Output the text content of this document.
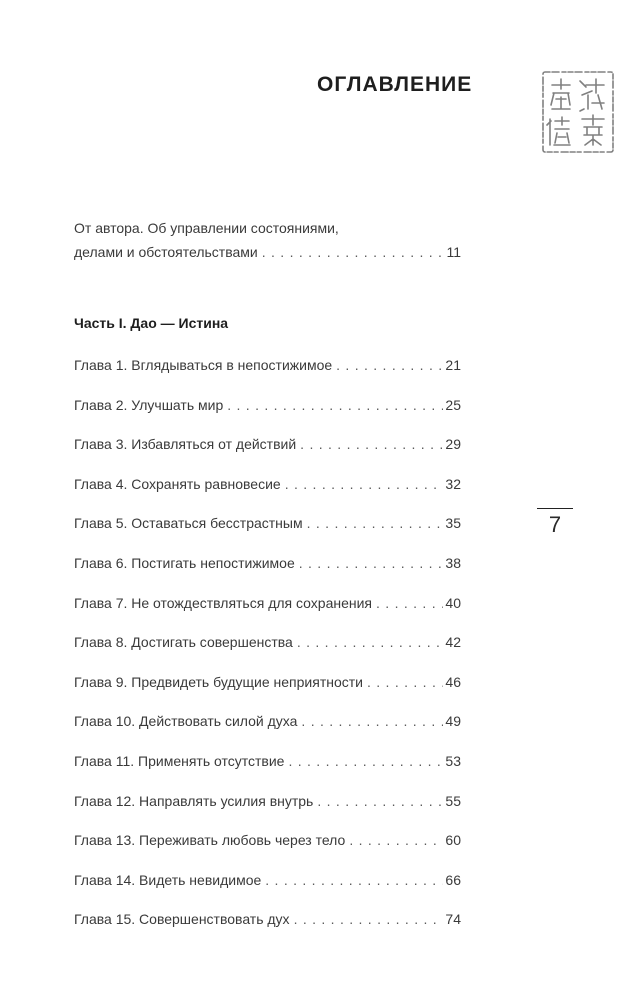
ОГЛАВЛЕНИЕ
От автора. Об управлении состояниями,
делами и обстоятельствами . . .	11
Часть I. Дао — Истина
Глава 1. Вглядываться в непостижимое . . .	21
Глава 2. Улучшать мир . . .	25
Глава 3. Избавляться от действий . . .	29
Глава 4. Сохранять равновесие . . .	32
Глава 5. Оставаться бесстрастным . . .	35
Глава 6. Постигать непостижимое . . .	38
Глава 7. Не отождествляться для сохранения . . .	40
Глава 8. Достигать совершенства . . .	42
Глава 9. Предвидеть будущие неприятности . . .	46
Глава 10. Действовать силой духа . . .	49
Глава 11. Применять отсутствие . . .	53
Глава 12. Направлять усилия внутрь . . .	55
Глава 13. Переживать любовь через тело . . .	60
Глава 14. Видеть невидимое . . .	66
Глава 15. Совершенствовать дух . . .	74
7
